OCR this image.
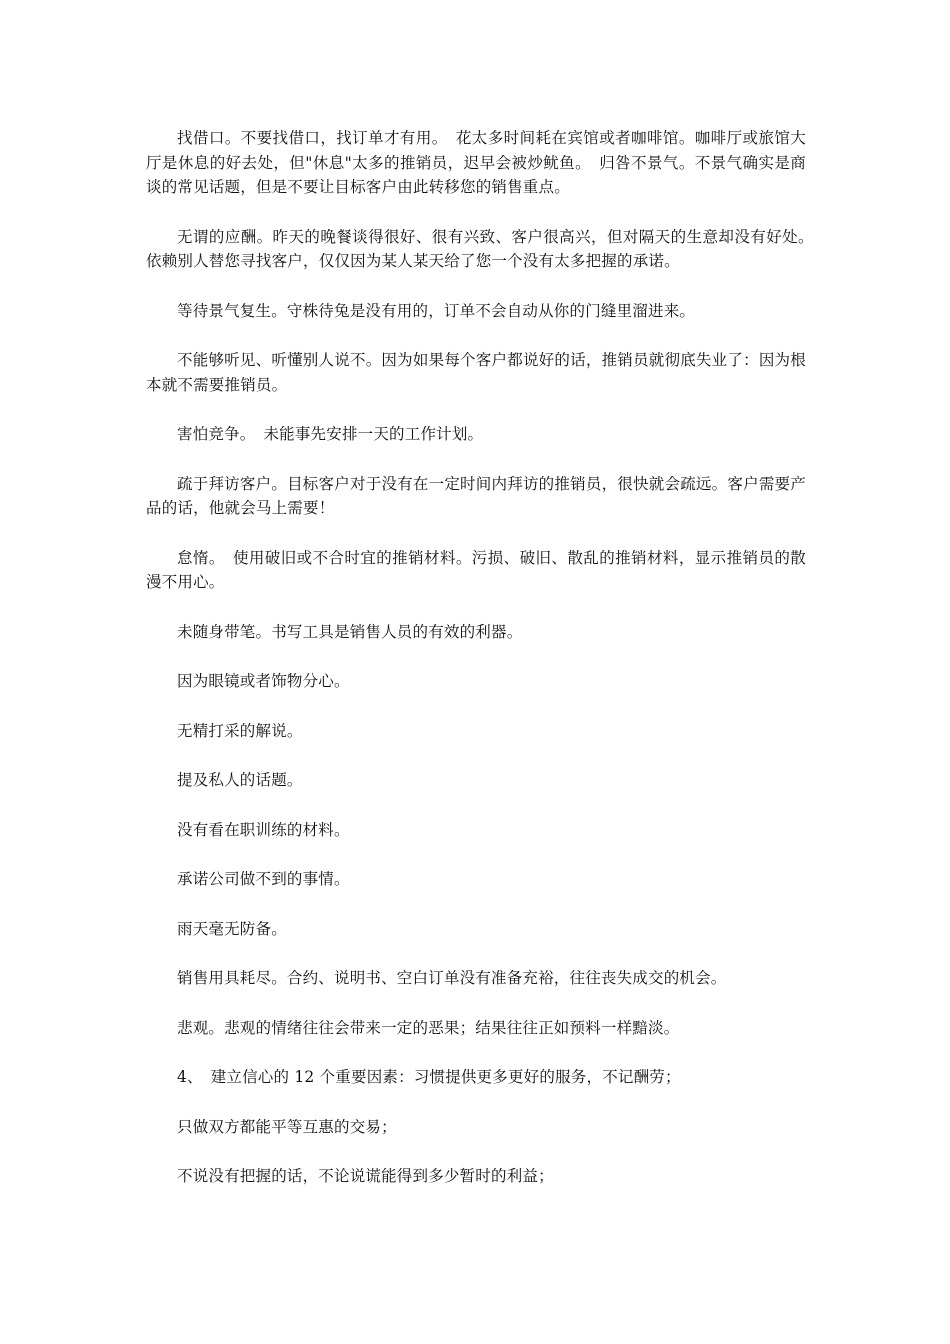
找借口。不要找借口，找订单才有用。　花太多时间耗在宾馆或者咖啡馆。咖啡厅或旅馆大厅是休息的好去处，但"休息"太多的推销员，迟早会被炒鱿鱼。　归咎不景气。不景气确实是商谈的常见话题，但是不要让目标客户由此转移您的销售重点。

无谓的应酬。昨天的晚餐谈得很好、很有兴致、客户很高兴，但对隔天的生意却没有好处。　依赖别人替您寻找客户，仅仅因为某人某天给了您一个没有太多把握的承诺。

等待景气复生。守株待兔是没有用的，订单不会自动从你的门缝里溜进来。

不能够听见、听懂别人说不。因为如果每个客户都说好的话，推销员就彻底失业了：因为根本就不需要推销员。

害怕竞争。　未能事先安排一天的工作计划。

疏于拜访客户。目标客户对于没有在一定时间内拜访的推销员，很快就会疏远。客户需要产品的话，他就会马上需要！

怠惰。　使用破旧或不合时宜的推销材料。污损、破旧、散乱的推销材料，显示推销员的散漫不用心。

未随身带笔。书写工具是销售人员的有效的利器。

因为眼镜或者饰物分心。

无精打采的解说。

提及私人的话题。

没有看在职训练的材料。

承诺公司做不到的事情。

雨天毫无防备。

销售用具耗尽。合约、说明书、空白订单没有准备充裕，往往丧失成交的机会。

悲观。悲观的情绪往往会带来一定的恶果；结果往往正如预料一样黯淡。

4、　建立信心的 12 个重要因素：习惯提供更多更好的服务，不记酬劳；

只做双方都能平等互惠的交易；

不说没有把握的话，不论说谎能得到多少暂时的利益；
